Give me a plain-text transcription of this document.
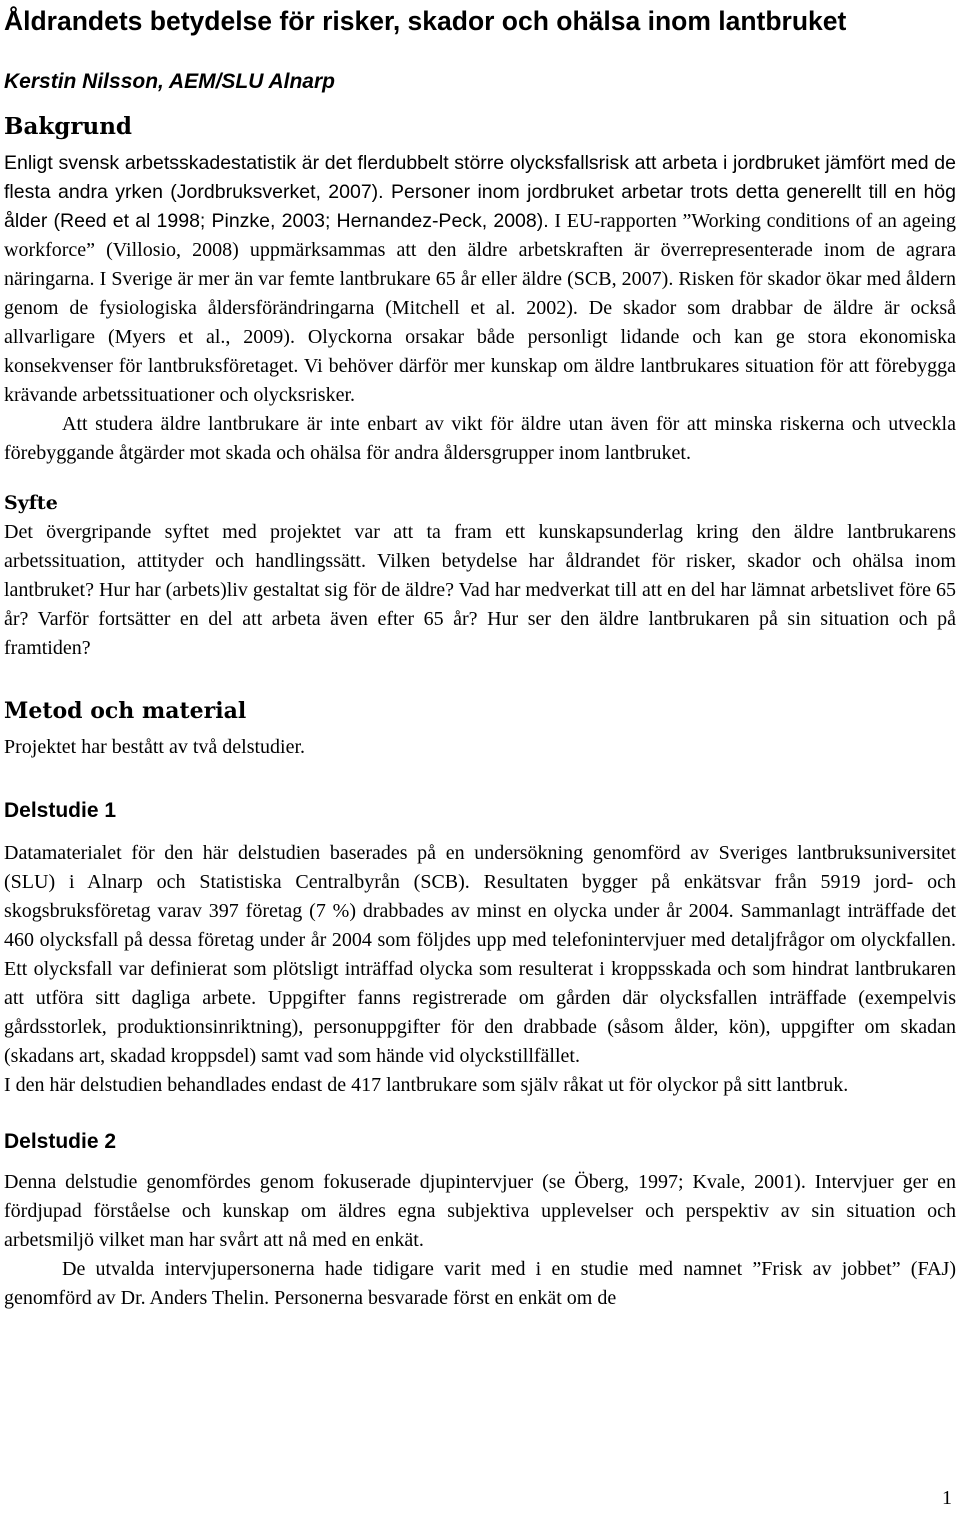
Åldrandets betydelse för risker, skador och ohälsa inom lantbruket
Kerstin Nilsson, AEM/SLU Alnarp
Bakgrund

Enligt svensk arbetsskadestatistik är det flerdubbelt större olycksfallsrisk att arbeta i jordbruket jämfört med de flesta andra yrken (Jordbruksverket, 2007). Personer inom jordbruket arbetar trots detta generellt till en hög ålder (Reed et al 1998; Pinzke, 2003; Hernandez-Peck, 2008). I EU-rapporten ”Working conditions of an ageing workforce” (Villosio, 2008) uppmärksammas att den äldre arbetskraften är överrepresenterade inom de agrara näringarna. I Sverige är mer än var femte lantbrukare 65 år eller äldre (SCB, 2007). Risken för skador ökar med åldern genom de fysiologiska åldersförändringarna (Mitchell et al. 2002). De skador som drabbar de äldre är också allvarligare (Myers et al., 2009). Olyckorna orsakar både personligt lidande och kan ge stora ekonomiska konsekvenser för lantbruksföretaget. Vi behöver därför mer kunskap om äldre lantbrukares situation för att förebygga krävande arbetssituationer och olycksrisker.

Att studera äldre lantbrukare är inte enbart av vikt för äldre utan även för att minska riskerna och utveckla förebyggande åtgärder mot skada och ohälsa för andra åldersgrupper inom lantbruket.

Syfte

Det övergripande syftet med projektet var att ta fram ett kunskapsunderlag kring den äldre lantbrukarens arbetssituation, attityder och handlingssätt. Vilken betydelse har åldrandet för risker, skador och ohälsa inom lantbruket? Hur har (arbets)liv gestaltat sig för de äldre? Vad har medverkat till att en del har lämnat arbetslivet före 65 år? Varför fortsätter en del att arbeta även efter 65 år? Hur ser den äldre lantbrukaren på sin situation och på framtiden?

Metod och material

Projektet har bestått av två delstudier.

Delstudie 1

Datamaterialet för den här delstudien baserades på en undersökning genomförd av Sveriges lantbruksuniversitet (SLU) i Alnarp och Statistiska Centralbyrån (SCB). Resultaten bygger på enkätsvar från 5919 jord- och skogsbruksföretag varav 397 företag (7 %) drabbades av minst en olycka under år 2004. Sammanlagt inträffade det 460 olycksfall på dessa företag under år 2004 som följdes upp med telefonintervjuer med detaljfrågor om olyckfallen. Ett olycksfall var definierat som plötsligt inträffad olycka som resulterat i kroppsskada och som hindrat lantbrukaren att utföra sitt dagliga arbete. Uppgifter fanns registrerade om gården där olycksfallen inträffade (exempelvis gårdsstorlek, produktionsinriktning), personuppgifter för den drabbade (såsom ålder, kön), uppgifter om skadan (skadans art, skadad kroppsdel) samt vad som hände vid olyckstillfället.

I den här delstudien behandlades endast de 417 lantbrukare som själv råkat ut för olyckor på sitt lantbruk.

Delstudie 2

Denna delstudie genomfördes genom fokuserade djupintervjuer (se Öberg, 1997; Kvale, 2001). Intervjuer ger en fördjupad förståelse och kunskap om äldres egna subjektiva upplevelser och perspektiv av sin situation och arbetsmiljö vilket man har svårt att nå med en enkät.

De utvalda intervjupersonerna hade tidigare varit med i en studie med namnet ”Frisk av jobbet” (FAJ) genomförd av Dr. Anders Thelin. Personerna besvarade först en enkät om de

1
